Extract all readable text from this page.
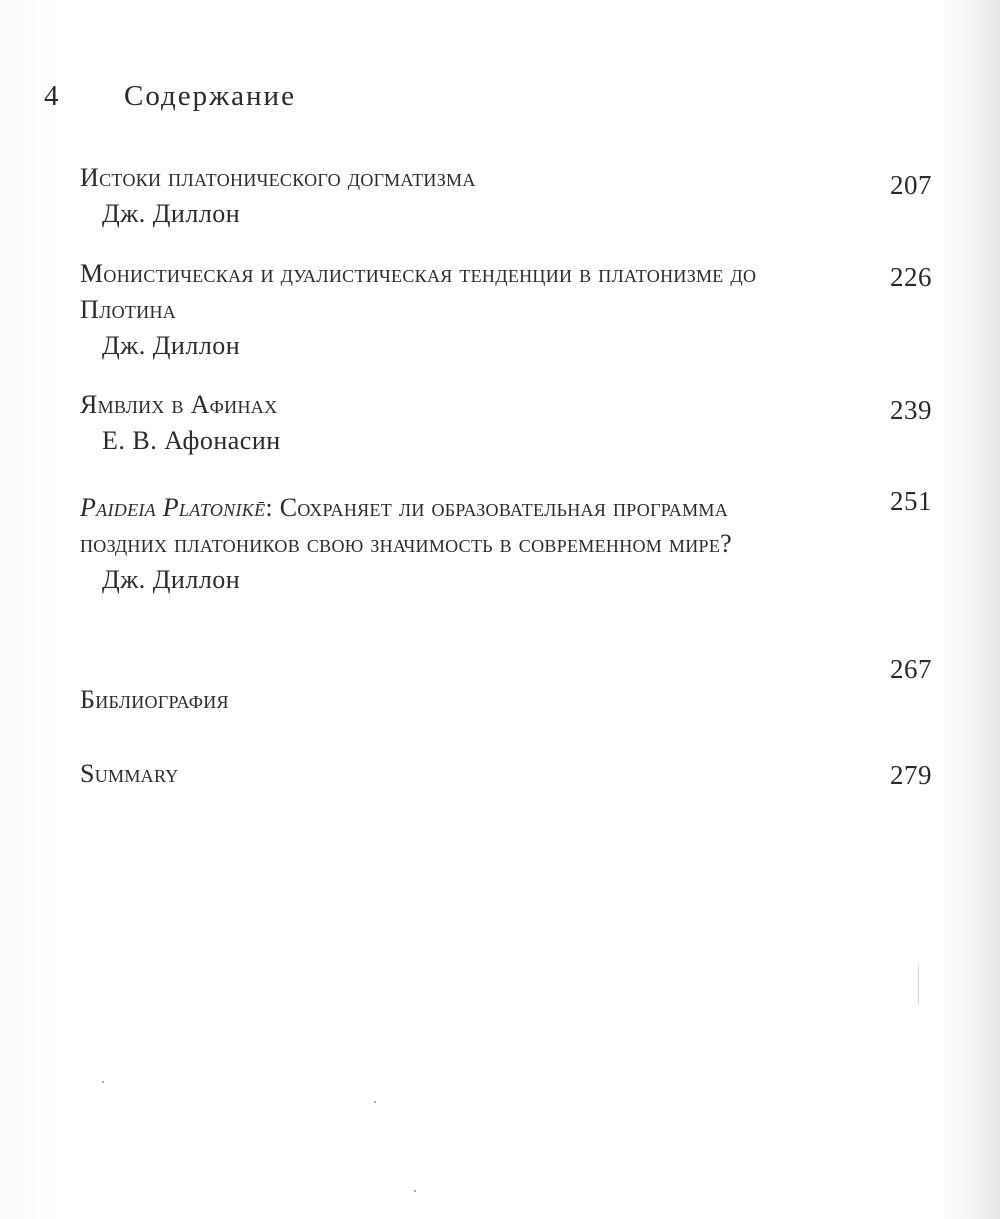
4 Содержание
Истоки платонического догматизма
Дж. Диллон
207
Монистическая и дуалистическая тенденции в платонизме до Плотина
Дж. Диллон
226
Ямвлих в Афинах
Е. В. Афонасин
239
Paideia Platonikē: Сохраняет ли образовательная программа поздних платоников свою значимость в современном мире?
Дж. Диллон
251
Библиография
267
Summary	279
